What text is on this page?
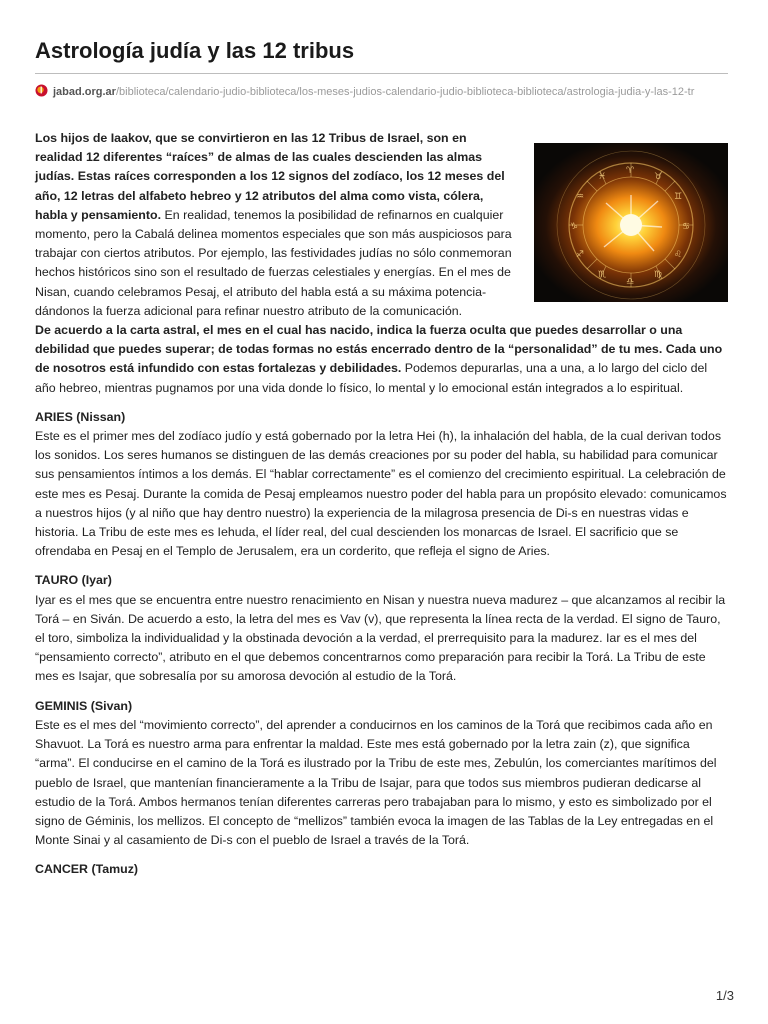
Astrología judía y las 12 tribus
jabad.org.ar/biblioteca/calendario-judio-biblioteca/los-meses-judios-calendario-judio-biblioteca-biblioteca/astrologia-judia-y-las-12-tr
♈
♉
♊
♋
♌
♍
♎
♏
♐
♑
♒
♓

Los hijos de Iaakov, que se convirtieron en las 12 Tribus de Israel, son en realidad 12 diferentes “raíces” de almas de las cuales descienden las almas judías. Estas raíces corresponden a los 12 signos del zodíaco, los 12 meses del año, 12 letras del alfabeto hebreo y 12 atributos del alma como vista, cólera, habla y pensamiento. En realidad, tenemos la posibilidad de refinarnos en cualquier momento, pero la Cabalá delinea momentos especiales que son más auspiciosos para trabajar con ciertos atributos. Por ejemplo, las festividades judías no sólo conmemoran hechos históricos sino son el resultado de fuerzas celestiales y energías. En el mes de Nisan, cuando celebramos Pesaj, el atributo del habla está a su máxima potencia- dándonos la fuerza adicional para refinar nuestro atributo de la comunicación.

De acuerdo a la carta astral, el mes en el cual has nacido, indica la fuerza oculta que puedes desarrollar o una debilidad que puedes superar; de todas formas no estás encerrado dentro de la “personalidad” de tu mes. Cada uno de nosotros está infundido con estas fortalezas y debilidades. Podemos depurarlas, una a una, a lo largo del ciclo del año hebreo, mientras pugnamos por una vida donde lo físico, lo mental y lo emocional están integrados a lo espiritual.

ARIES (Nissan)

Este es el primer mes del zodíaco judío y está gobernado por la letra Hei (h), la inhalación del habla, de la cual derivan todos los sonidos. Los seres humanos se distinguen de las demás creaciones por su poder del habla, su habilidad para comunicar sus pensamientos íntimos a los demás. El “hablar correctamente” es el comienzo del crecimiento espiritual. La celebración de este mes es Pesaj. Durante la comida de Pesaj empleamos nuestro poder del habla para un propósito elevado: comunicamos a nuestros hijos (y al niño que hay dentro nuestro) la experiencia de la milagrosa presencia de Di-s en nuestras vidas e historia. La Tribu de este mes es Iehuda, el líder real, del cual descienden los monarcas de Israel. El sacrificio que se ofrendaba en Pesaj en el Templo de Jerusalem, era un corderito, que refleja el signo de Aries.

TAURO (Iyar)

Iyar es el mes que se encuentra entre nuestro renacimiento en Nisan y nuestra nueva madurez – que alcanzamos al recibir la Torá – en Siván. De acuerdo a esto, la letra del mes es Vav (v), que representa la línea recta de la verdad. El signo de Tauro, el toro, simboliza la individualidad y la obstinada devoción a la verdad, el prerrequisito para la madurez. Iar es el mes del “pensamiento correcto”, atributo en el que debemos concentrarnos como preparación para recibir la Torá. La Tribu de este mes es Isajar, que sobresalía por su amorosa devoción al estudio de la Torá.

GEMINIS (Sivan)

Este es el mes del “movimiento correcto”, del aprender a conducirnos en los caminos de la Torá que recibimos cada año en Shavuot. La Torá es nuestro arma para enfrentar la maldad. Este mes está gobernado por la letra zain (z), que significa “arma”. El conducirse en el camino de la Torá es ilustrado por la Tribu de este mes, Zebulún, los comerciantes marítimos del pueblo de Israel, que mantenían financieramente a la Tribu de Isajar, para que todos sus miembros pudieran dedicarse al estudio de la Torá. Ambos hermanos tenían diferentes carreras pero trabajaban para lo mismo, y esto es simbolizado por el signo de Géminis, los mellizos. El concepto de “mellizos” también evoca la imagen de las Tablas de la Ley entregadas en el Monte Sinai y al casamiento de Di-s con el pueblo de Israel a través de la Torá.

CANCER (Tamuz)

1/3
